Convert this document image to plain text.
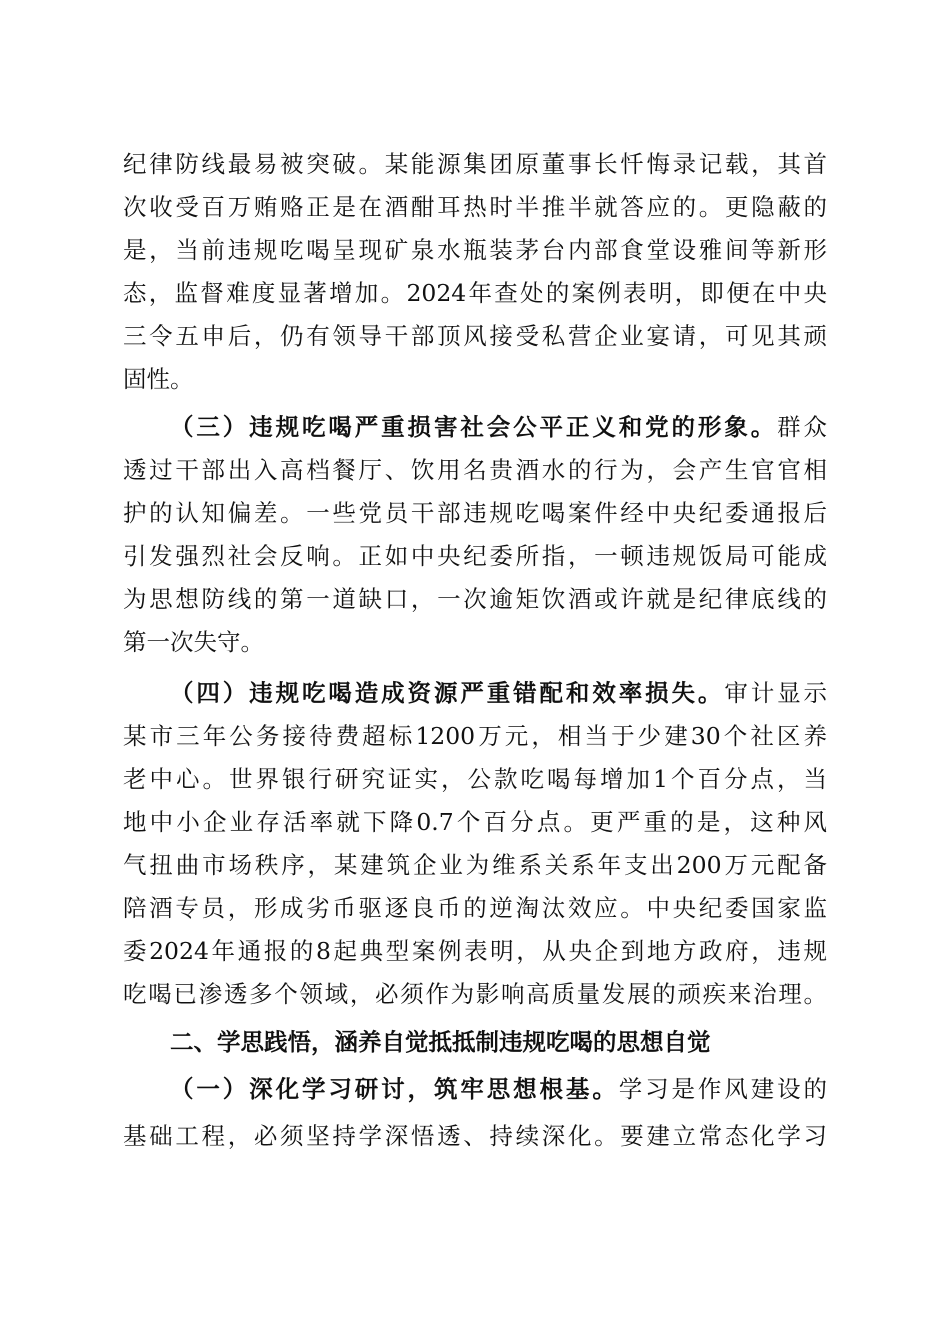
纪律防线最易被突破。某能源集团原董事长忏悔录记载，其首
次收受百万贿赂正是在酒酣耳热时半推半就答应的。更隐蔽的
是，当前违规吃喝呈现矿泉水瓶装茅台内部食堂设雅间等新形
态，监督难度显著增加。2024年查处的案例表明，即便在中央
三令五申后，仍有领导干部顶风接受私营企业宴请，可见其顽
固性。
（三）违规吃喝严重损害社会公平正义和党的形象。群众
透过干部出入高档餐厅、饮用名贵酒水的行为，会产生官官相
护的认知偏差。一些党员干部违规吃喝案件经中央纪委通报后
引发强烈社会反响。正如中央纪委所指，一顿违规饭局可能成
为思想防线的第一道缺口，一次逾矩饮酒或许就是纪律底线的
第一次失守。
（四）违规吃喝造成资源严重错配和效率损失。审计显示
某市三年公务接待费超标1200万元，相当于少建30个社区养
老中心。世界银行研究证实，公款吃喝每增加1个百分点，当
地中小企业存活率就下降0.7个百分点。更严重的是，这种风
气扭曲市场秩序，某建筑企业为维系关系年支出200万元配备
陪酒专员，形成劣币驱逐良币的逆淘汰效应。中央纪委国家监
委2024年通报的8起典型案例表明，从央企到地方政府，违规
吃喝已渗透多个领域，必须作为影响高质量发展的顽疾来治理。
二、学思践悟，涵养自觉抵抵制违规吃喝的思想自觉
（一）深化学习研讨，筑牢思想根基。学习是作风建设的
基础工程，必须坚持学深悟透、持续深化。要建立常态化学习
